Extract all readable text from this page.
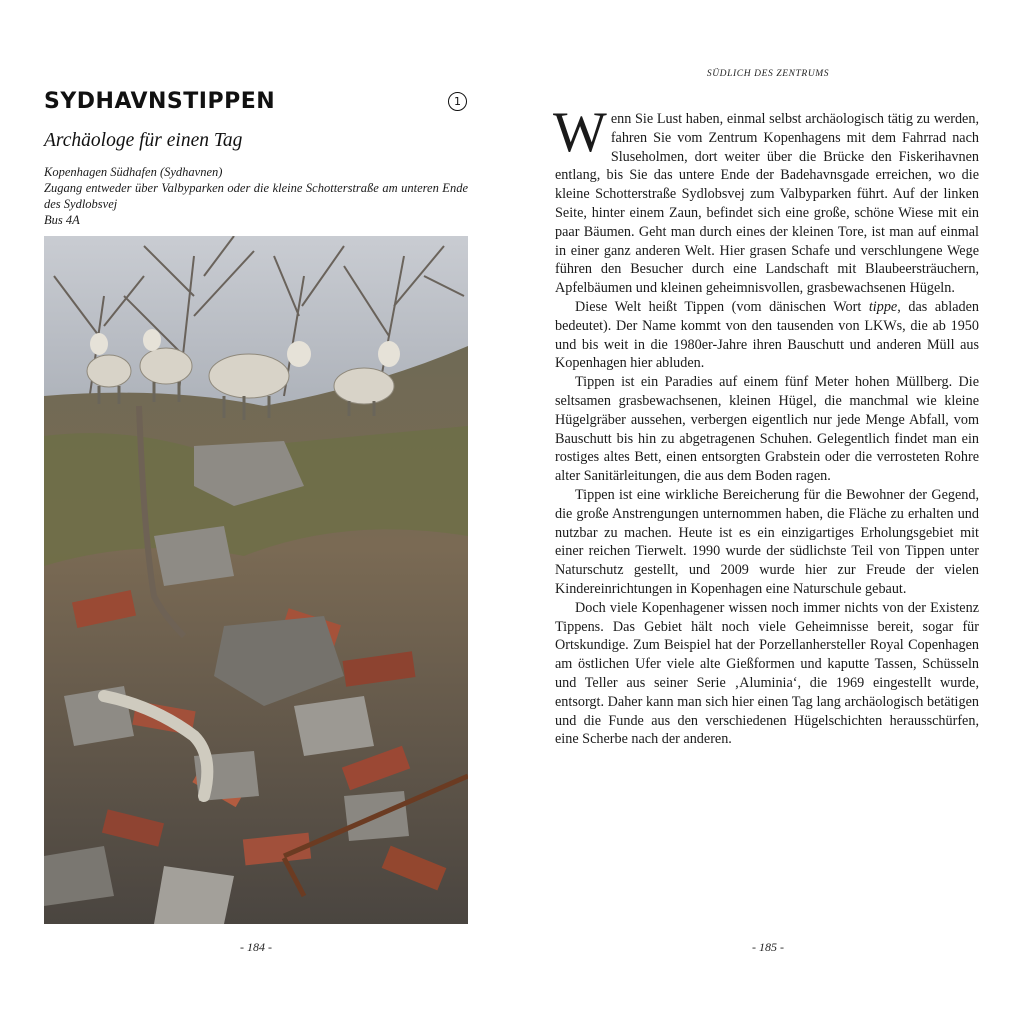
SYDHAVNSTIPPEN	1
Archäologe für einen Tag
Kopenhagen Südhafen (Sydhavnen)
Zugang entweder über Valbyparken oder die kleine Schotterstraße am unteren Ende des Sydlobsvej
Bus 4A
- 184 -
SÜDLICH DES ZENTRUMS

Wenn Sie Lust haben, einmal selbst archäologisch tätig zu werden, fahren Sie vom Zentrum Kopenhagens mit dem Fahrrad nach Sluseholmen, dort weiter über die Brücke den Fiskerihavnen entlang, bis Sie das untere Ende der Badehavnsgade erreichen, wo die kleine Schotterstraße Sydlobsvej zum Valbyparken führt. Auf der linken Seite, hinter einem Zaun, befindet sich eine große, schöne Wiese mit ein paar Bäumen. Geht man durch eines der kleinen Tore, ist man auf einmal in einer ganz anderen Welt. Hier grasen Schafe und verschlungene Wege führen den Besucher durch eine Landschaft mit Blaubeersträuchern, Apfelbäumen und kleinen geheimnisvollen, grasbewachsenen Hügeln.

Diese Welt heißt Tippen (vom dänischen Wort tippe, das abladen bedeutet). Der Name kommt von den tausenden von LKWs, die ab 1950 und bis weit in die 1980er-Jahre ihren Bauschutt und anderen Müll aus Kopenhagen hier abluden.

Tippen ist ein Paradies auf einem fünf Meter hohen Müllberg. Die seltsamen grasbewachsenen, kleinen Hügel, die manchmal wie kleine Hügelgräber aussehen, verbergen eigentlich nur jede Menge Abfall, vom Bauschutt bis hin zu abgetragenen Schuhen. Gelegentlich findet man ein rostiges altes Bett, einen entsorgten Grabstein oder die verrosteten Rohre alter Sanitärleitungen, die aus dem Boden ragen.

Tippen ist eine wirkliche Bereicherung für die Bewohner der Gegend, die große Anstrengungen unternommen haben, die Fläche zu erhalten und nutzbar zu machen. Heute ist es ein einzigartiges Erholungsgebiet mit einer reichen Tierwelt. 1990 wurde der südlichste Teil von Tippen unter Naturschutz gestellt, und 2009 wurde hier zur Freude der vielen Kindereinrichtungen in Kopenhagen eine Naturschule gebaut.

Doch viele Kopenhagener wissen noch immer nichts von der Existenz Tippens. Das Gebiet hält noch viele Geheimnisse bereit, sogar für Ortskundige. Zum Beispiel hat der Porzellanhersteller Royal Copenhagen am östlichen Ufer viele alte Gießformen und kaputte Tassen, Schüsseln und Teller aus seiner Serie ‚Aluminia‘, die 1969 eingestellt wurde, entsorgt. Daher kann man sich hier einen Tag lang archäologisch betätigen und die Funde aus den verschiedenen Hügelschichten herausschürfen, eine Scherbe nach der anderen.

- 185 -
